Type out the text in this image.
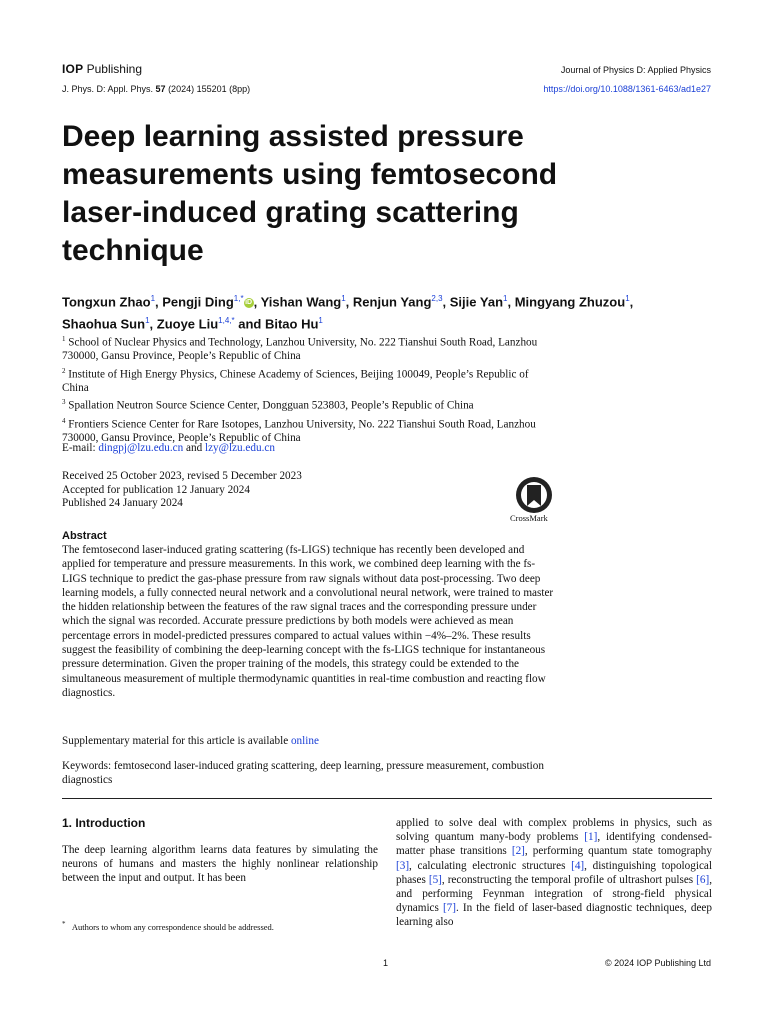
IOP Publishing	Journal of Physics D: Applied Physics
J. Phys. D: Appl. Phys. 57 (2024) 155201 (8pp)	https://doi.org/10.1088/1361-6463/ad1e27
Deep learning assisted pressure measurements using femtosecond laser-induced grating scattering technique
Tongxun Zhao$^1$, Pengji Ding$^{1,*}$ iD , Yishan Wang$^1$, Renjun Yang$^{2,3}$, Sijie Yan$^1$, Mingyang Zhuzou$^1$, Shaohua Sun$^1$, Zuoye Liu$^{1,4,*}$ and Bitao Hu$^1$
$^1$ School of Nuclear Physics and Technology, Lanzhou University, No. 222 Tianshui South Road, Lanzhou 730000, Gansu Province, People’s Republic of China
$^2$ Institute of High Energy Physics, Chinese Academy of Sciences, Beijing 100049, People’s Republic of China
$^3$ Spallation Neutron Source Science Center, Dongguan 523803, People’s Republic of China
$^4$ Frontiers Science Center for Rare Isotopes, Lanzhou University, No. 222 Tianshui South Road, Lanzhou 730000, Gansu Province, People’s Republic of China
E-mail: dingpj@lzu.edu.cn and lzy@lzu.edu.cn
Received 25 October 2023, revised 5 December 2023
Accepted for publication 12 January 2024
Published 24 January 2024
CrossMark
Abstract

The femtosecond laser-induced grating scattering (fs-LIGS) technique has recently been developed and applied for temperature and pressure measurements. In this work, we combined deep learning with the fs-LIGS technique to predict the gas-phase pressure from raw signals without data post-processing. Two deep learning models, a fully connected neural network and a convolutional neural network, were trained to master the hidden relationship between the features of the raw signal traces and the corresponding pressure under which the signal was recorded. Accurate pressure predictions by both models were achieved as mean percentage errors in model-predicted pressures compared to actual values within −4%–2%. These results suggest the feasibility of combining the deep-learning concept with the fs-LIGS technique for instantaneous pressure determination. Given the proper training of the models, this strategy could be extended to the simultaneous measurement of multiple thermodynamic quantities in real-time combustion and reacting flow diagnostics.

Supplementary material for this article is available online
Keywords: femtosecond laser-induced grating scattering, deep learning, pressure measurement, combustion diagnostics
1. Introduction

The deep learning algorithm learns data features by simulating the neurons of humans and masters the highly nonlinear relationship between the input and output. It has been

applied to solve deal with complex problems in physics, such as solving quantum many-body problems [1], identifying condensed-matter phase transitions [2], performing quantum state tomography [3], calculating electronic structures [4], distinguishing topological phases [5], reconstructing the temporal profile of ultrashort pulses [6], and performing Feynman integration of strong-field physical dynamics [7]. In the field of laser-based diagnostic techniques, deep learning also

* Authors to whom any correspondence should be addressed.
1	© 2024 IOP Publishing Ltd
